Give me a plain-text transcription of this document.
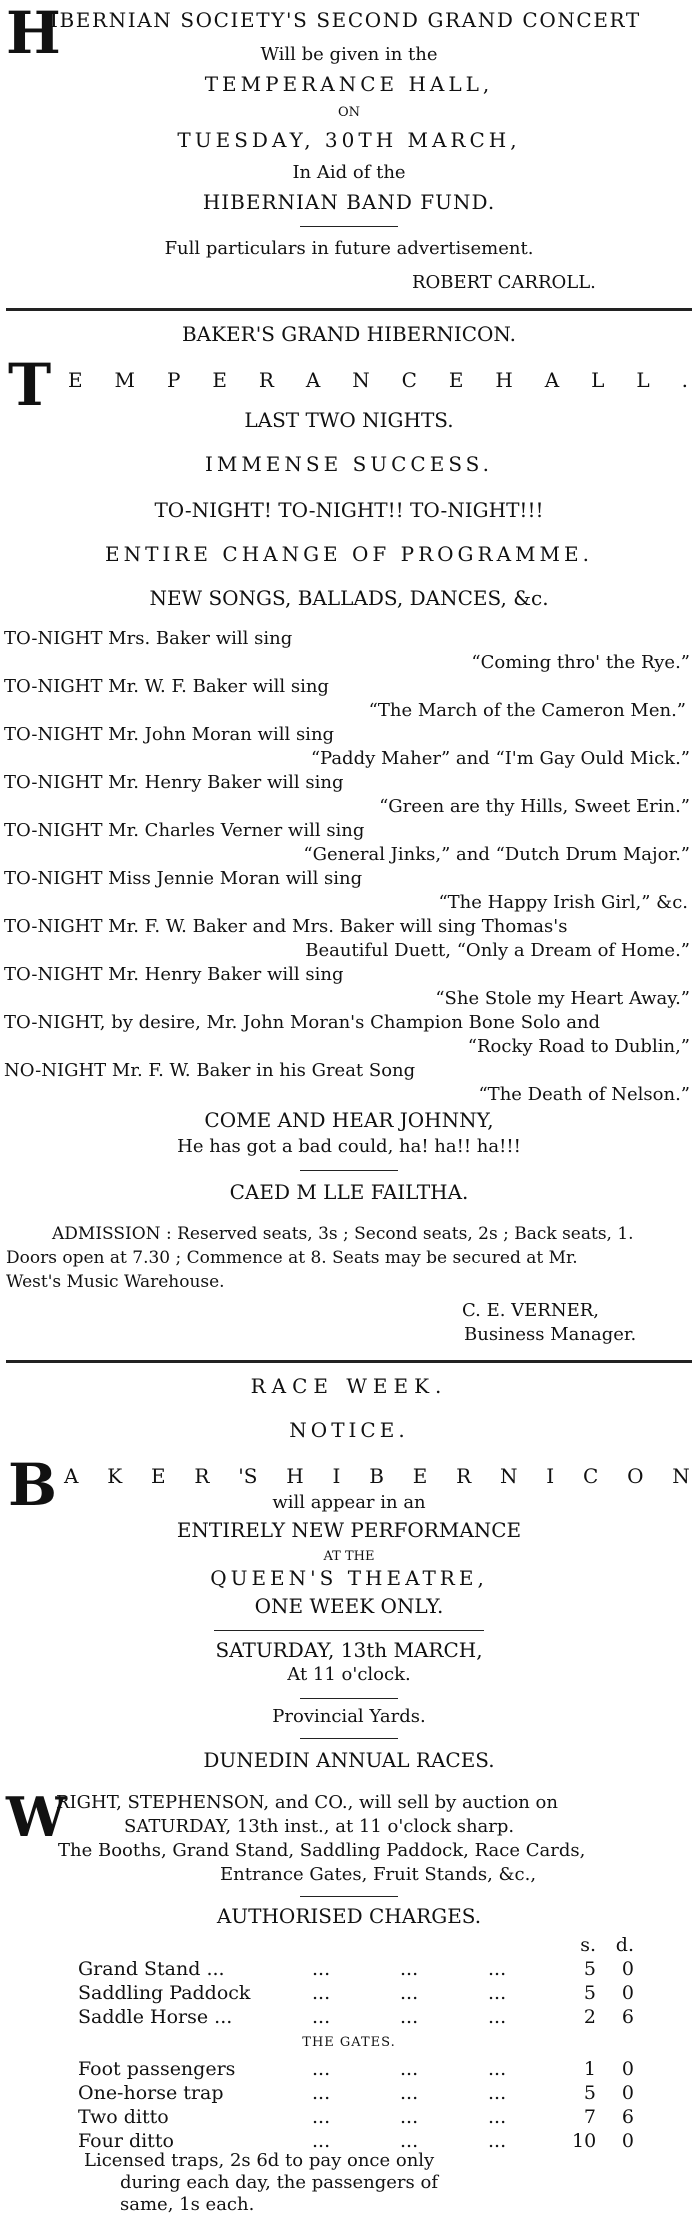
H
IBERNIAN SOCIETY'S SECOND GRAND CONCERT
Will be given in the
TEMPERANCE HALL,
ON
TUESDAY, 30TH MARCH,
In Aid of the
HIBERNIAN BAND FUND.
Full particulars in future advertisement.
ROBERT CARROLL.
BAKER'S GRAND HIBERNICON.
T E M P E R A N C E H A L L .
LAST TWO NIGHTS.
IMMENSE SUCCESS.
TO-NIGHT! TO-NIGHT!! TO-NIGHT!!!
ENTIRE CHANGE OF PROGRAMME.
NEW SONGS, BALLADS, DANCES, &c.
TO-NIGHT Mrs. Baker will sing
“Coming thro' the Rye.”
TO-NIGHT Mr. W. F. Baker will sing
“The March of the Cameron Men.”
TO-NIGHT Mr. John Moran will sing
“Paddy Maher” and “I'm Gay Ould Mick.”
TO-NIGHT Mr. Henry Baker will sing
“Green are thy Hills, Sweet Erin.”
TO-NIGHT Mr. Charles Verner will sing
“General Jinks,” and “Dutch Drum Major.”
TO-NIGHT Miss Jennie Moran will sing
“The Happy Irish Girl,” &c.
TO-NIGHT Mr. F. W. Baker and Mrs. Baker will sing Thomas's
Beautiful Duett, “Only a Dream of Home.”
TO-NIGHT Mr. Henry Baker will sing
“She Stole my Heart Away.”
TO-NIGHT, by desire, Mr. John Moran's Champion Bone Solo and
“Rocky Road to Dublin,”
NO-NIGHT Mr. F. W. Baker in his Great Song
“The Death of Nelson.”
COME AND HEAR JOHNNY,
He has got a bad could, ha! ha!! ha!!!
CAED M LLE FAILTHA.
ADMISSION : Reserved seats, 3s ; Second seats, 2s ; Back seats, 1.
Doors open at 7.30 ; Commence at 8. Seats may be secured at Mr.
West's Music Warehouse.
C. E. VERNER,
Business Manager.
RACE WEEK.
NOTICE.
B A K E R 'S H I B E R N I C O N
will appear in an
ENTIRELY NEW PERFORMANCE
AT THE
QUEEN'S THEATRE,
ONE WEEK ONLY.
SATURDAY, 13th MARCH,
At 11 o'clock.
Provincial Yards.
DUNEDIN ANNUAL RACES.
W
RIGHT, STEPHENSON, and CO., will sell by auction on
SATURDAY, 13th inst., at 11 o'clock sharp.
The Booths, Grand Stand, Saddling Paddock, Race Cards,
Entrance Gates, Fruit Stands, &c.,
AUTHORISED CHARGES.
s.	d.
Grand Stand ...	...	...	...	5	0
Saddling Paddock	...	...	...	5	0
Saddle Horse ...	...	...	...	2	6
THE GATES.
Foot passengers	...	...	...	1	0
One-horse trap	...	...	...	5	0
Two ditto	...	...	...	7	6
Four ditto	...	...	...	10	0
Licensed traps, 2s 6d to pay once only
during each day, the passengers of
same, 1s each.
